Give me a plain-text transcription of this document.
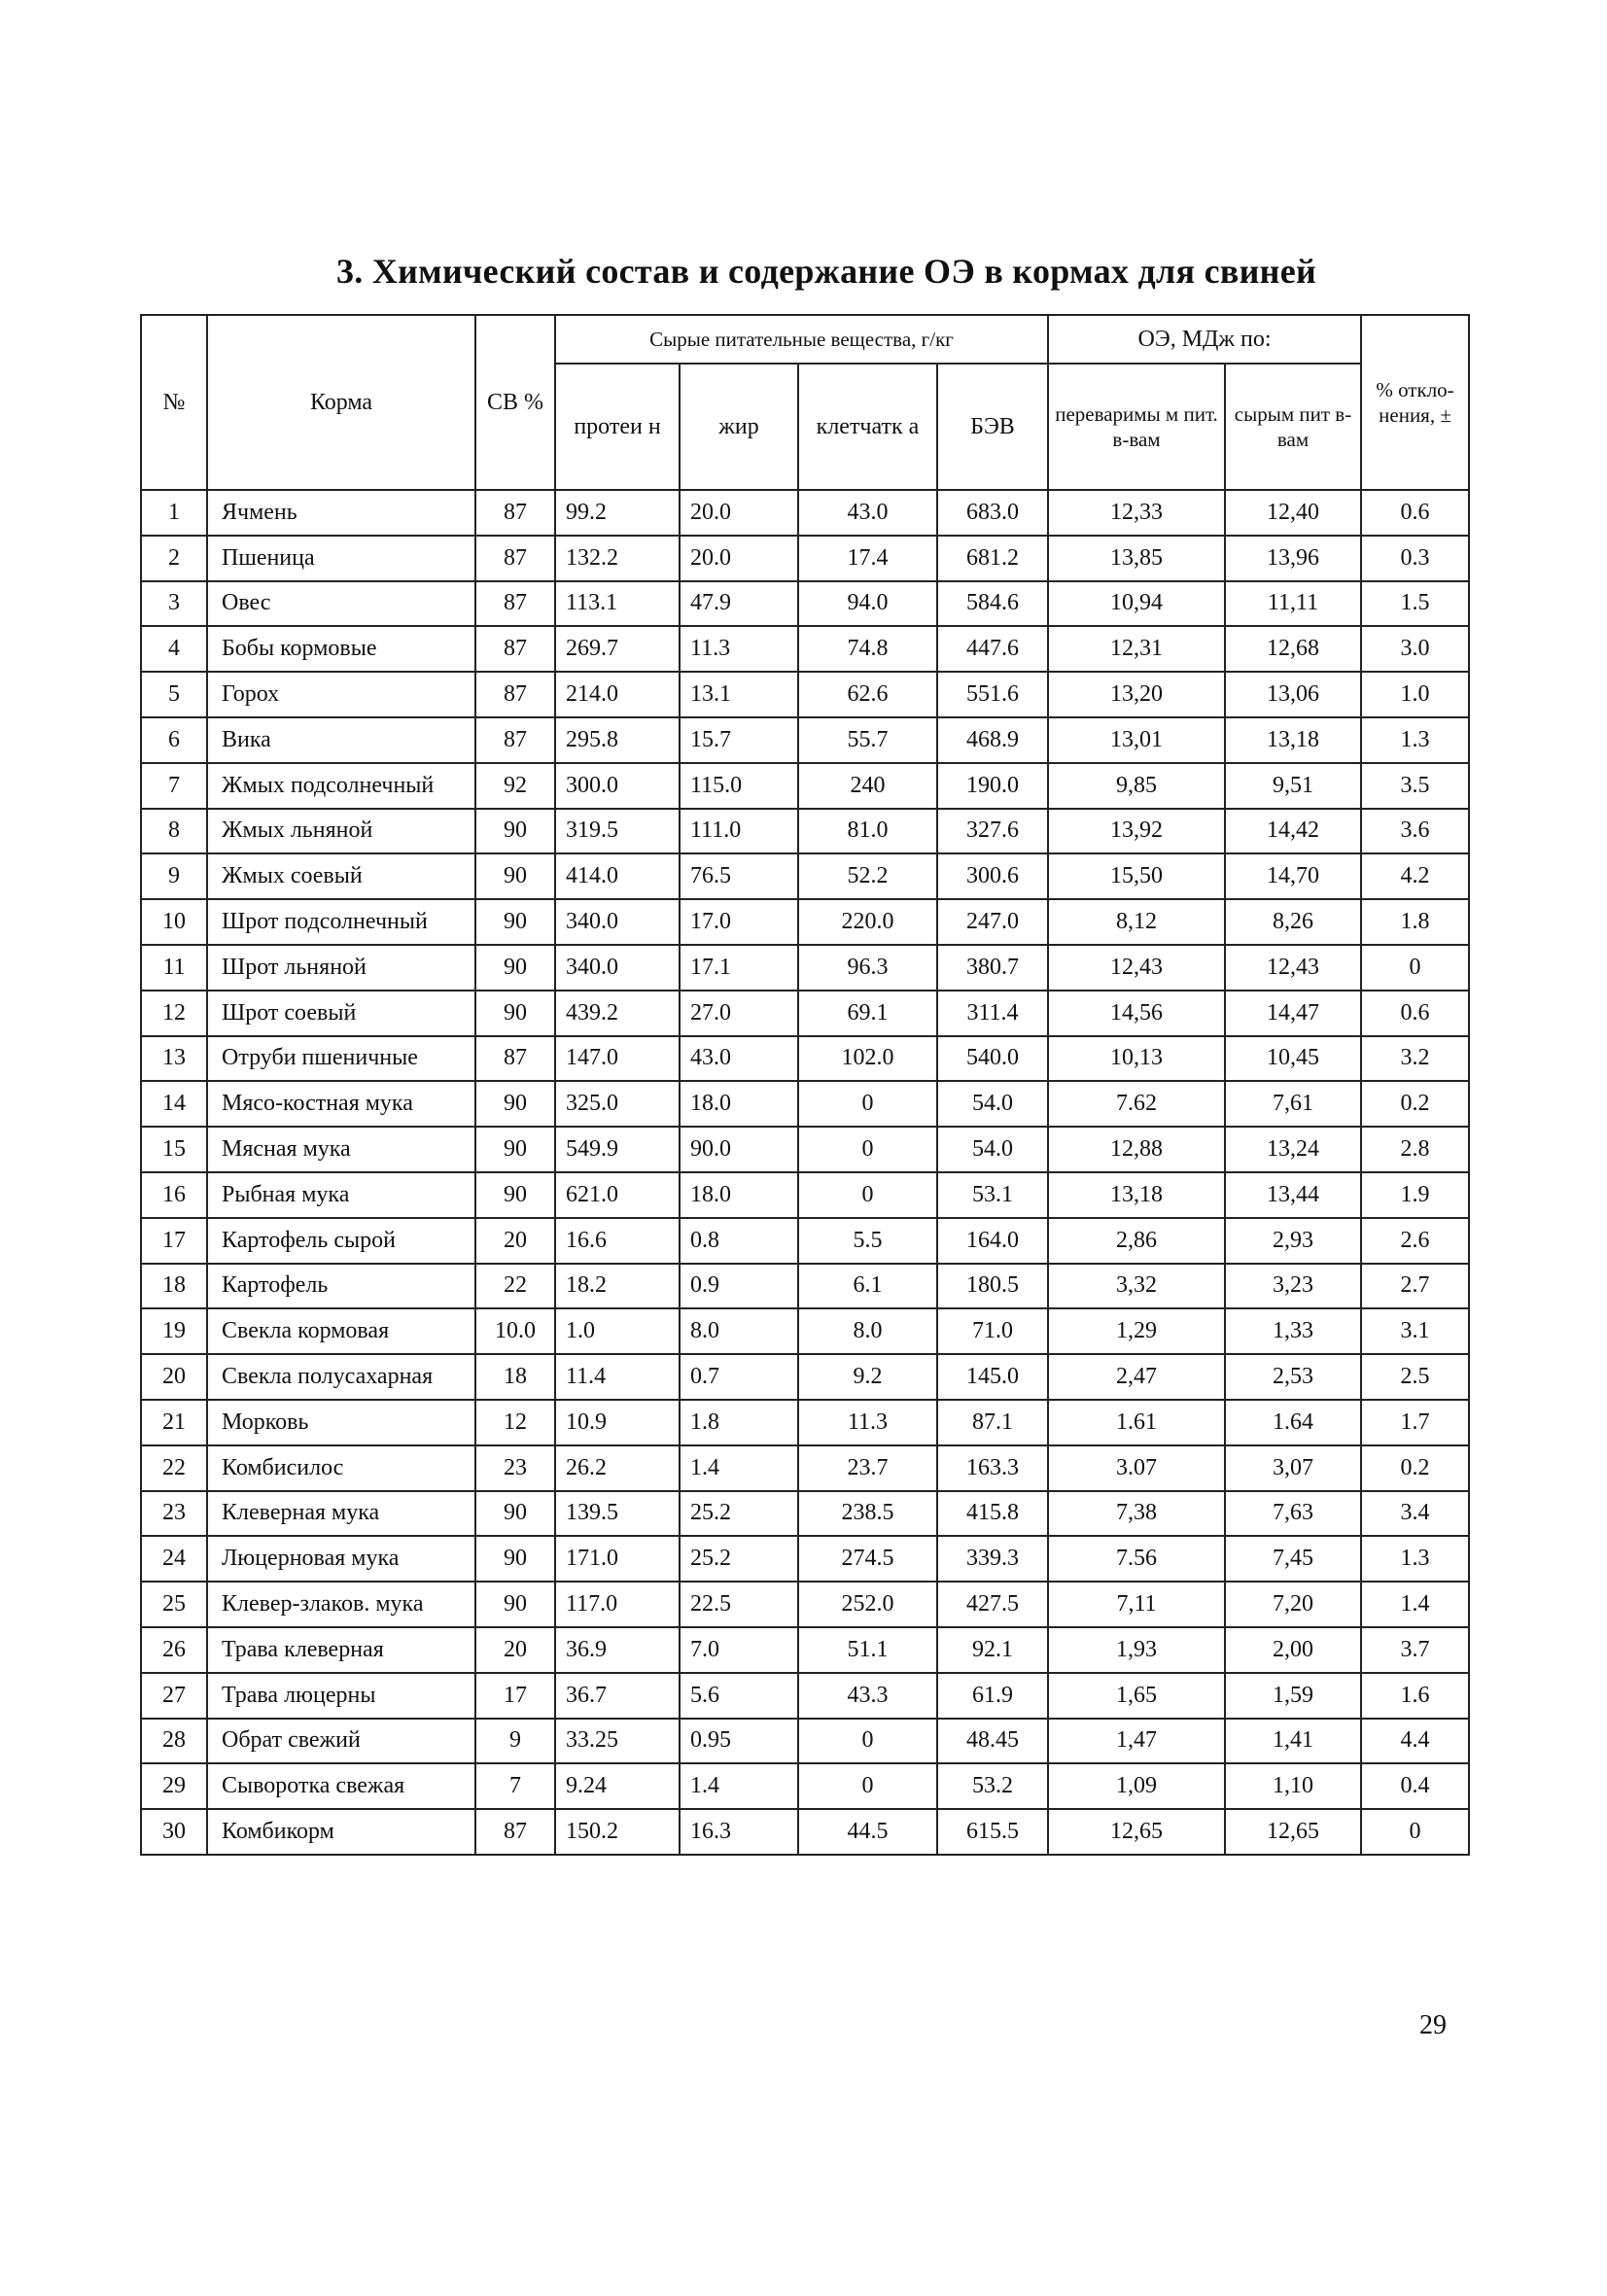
3. Химический состав и содержание ОЭ в кормах для свиней
№	Корма	СВ %	Сырые питательные вещества, г/кг				ОЭ, МДж по:		% откло-нения, ±
			протеи н	жир	клетчатк а	БЭВ	переваримы м пит. в-вам	сырым пит в-вам	
1	Ячмень	87	99.2	20.0	43.0	683.0	12,33	12,40	0.6
2	Пшеница	87	132.2	20.0	17.4	681.2	13,85	13,96	0.3
3	Овес	87	113.1	47.9	94.0	584.6	10,94	11,11	1.5
4	Бобы кормовые	87	269.7	11.3	74.8	447.6	12,31	12,68	3.0
5	Горох	87	214.0	13.1	62.6	551.6	13,20	13,06	1.0
6	Вика	87	295.8	15.7	55.7	468.9	13,01	13,18	1.3
7	Жмых подсолнечный	92	300.0	115.0	240	190.0	9,85	9,51	3.5
8	Жмых льняной	90	319.5	111.0	81.0	327.6	13,92	14,42	3.6
9	Жмых соевый	90	414.0	76.5	52.2	300.6	15,50	14,70	4.2
10	Шрот подсолнечный	90	340.0	17.0	220.0	247.0	8,12	8,26	1.8
11	Шрот льняной	90	340.0	17.1	96.3	380.7	12,43	12,43	0
12	Шрот соевый	90	439.2	27.0	69.1	311.4	14,56	14,47	0.6
13	Отруби пшеничные	87	147.0	43.0	102.0	540.0	10,13	10,45	3.2
14	Мясо-костная мука	90	325.0	18.0	0	54.0	7.62	7,61	0.2
15	Мясная мука	90	549.9	90.0	0	54.0	12,88	13,24	2.8
16	Рыбная мука	90	621.0	18.0	0	53.1	13,18	13,44	1.9
17	Картофель сырой	20	16.6	0.8	5.5	164.0	2,86	2,93	2.6
18	Картофель	22	18.2	0.9	6.1	180.5	3,32	3,23	2.7
19	Свекла кормовая	10.0	1.0	8.0	8.0	71.0	1,29	1,33	3.1
20	Свекла полусахарная	18	11.4	0.7	9.2	145.0	2,47	2,53	2.5
21	Морковь	12	10.9	1.8	11.3	87.1	1.61	1.64	1.7
22	Комбисилос	23	26.2	1.4	23.7	163.3	3.07	3,07	0.2
23	Клеверная мука	90	139.5	25.2	238.5	415.8	7,38	7,63	3.4
24	Люцерновая мука	90	171.0	25.2	274.5	339.3	7.56	7,45	1.3
25	Клевер-злаков. мука	90	117.0	22.5	252.0	427.5	7,11	7,20	1.4
26	Трава клеверная	20	36.9	7.0	51.1	92.1	1,93	2,00	3.7
27	Трава люцерны	17	36.7	5.6	43.3	61.9	1,65	1,59	1.6
28	Обрат свежий	9	33.25	0.95	0	48.45	1,47	1,41	4.4
29	Сыворотка свежая	7	9.24	1.4	0	53.2	1,09	1,10	0.4
30	Комбикорм	87	150.2	16.3	44.5	615.5	12,65	12,65	0
29
